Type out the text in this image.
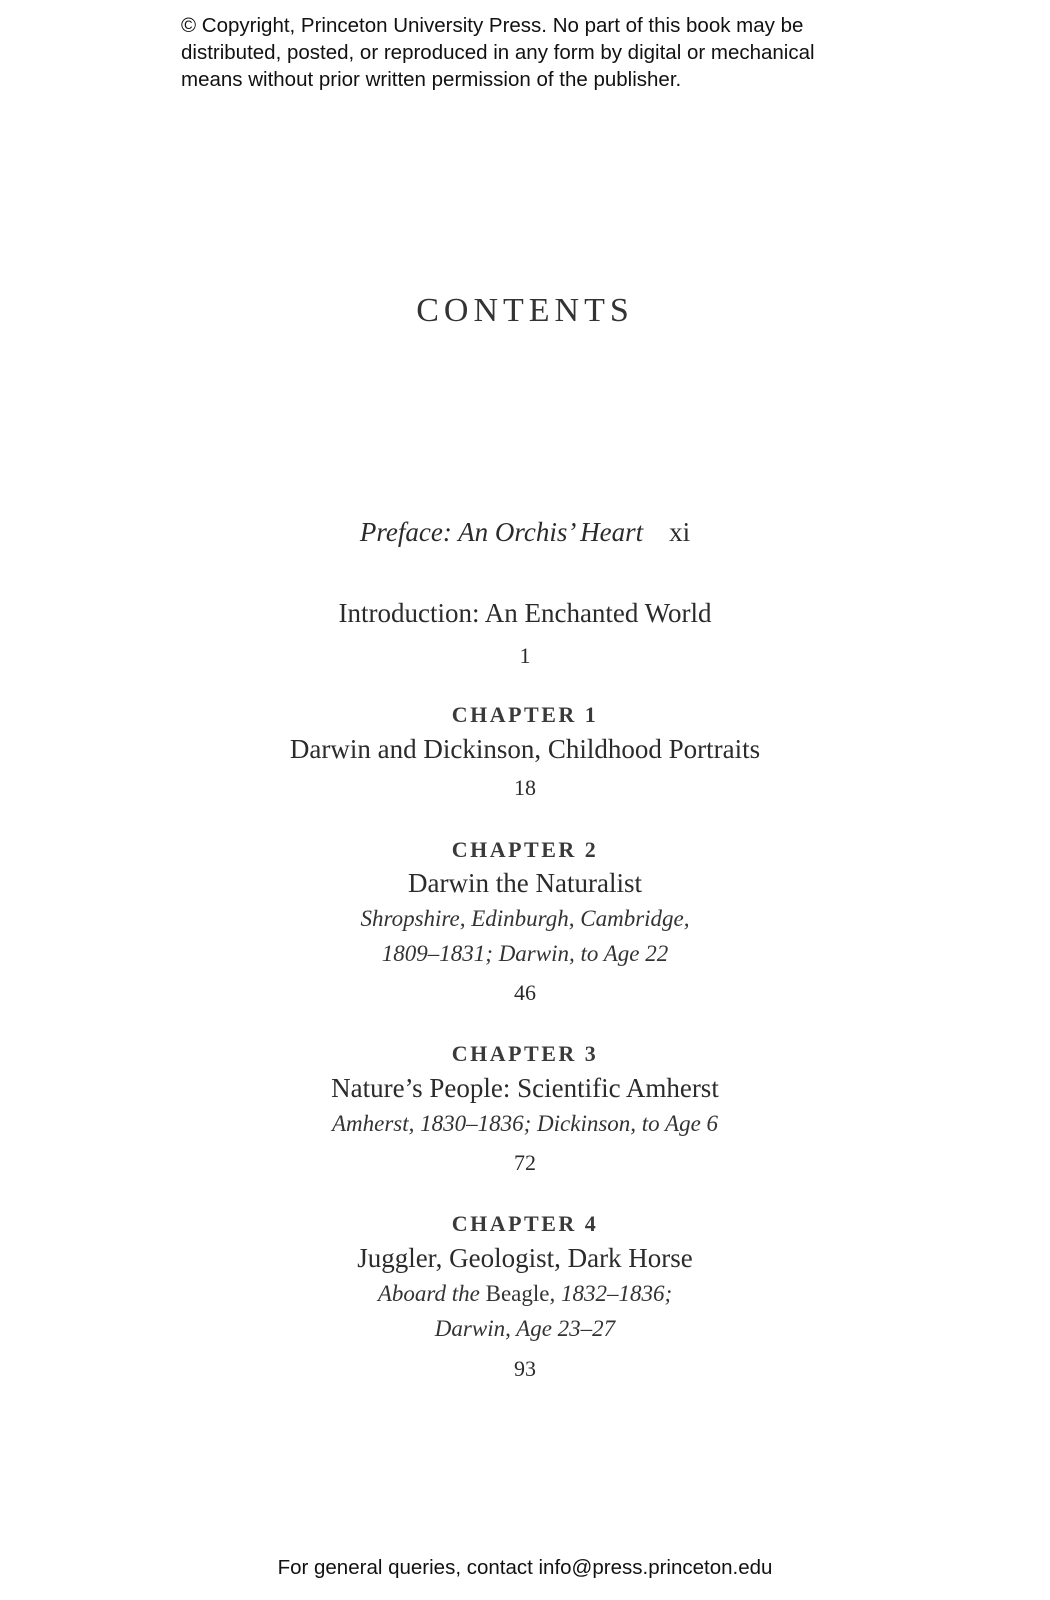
© Copyright, Princeton University Press. No part of this book may be
distributed, posted, or reproduced in any form by digital or mechanical
means without prior written permission of the publisher.
CONTENTS
Preface: An Orchis’ Heart xi
Introduction: An Enchanted World
1
CHAPTER 1
Darwin and Dickinson, Childhood Portraits
18
CHAPTER 2
Darwin the Naturalist
Shropshire, Edinburgh, Cambridge,
1809–1831; Darwin, to Age 22
46
CHAPTER 3
Nature’s People: Scientific Amherst
Amherst, 1830–1836; Dickinson, to Age 6
72
CHAPTER 4
Juggler, Geologist, Dark Horse
Aboard the Beagle, 1832–1836;
Darwin, Age 23–27
93
For general queries, contact info@press.princeton.edu
